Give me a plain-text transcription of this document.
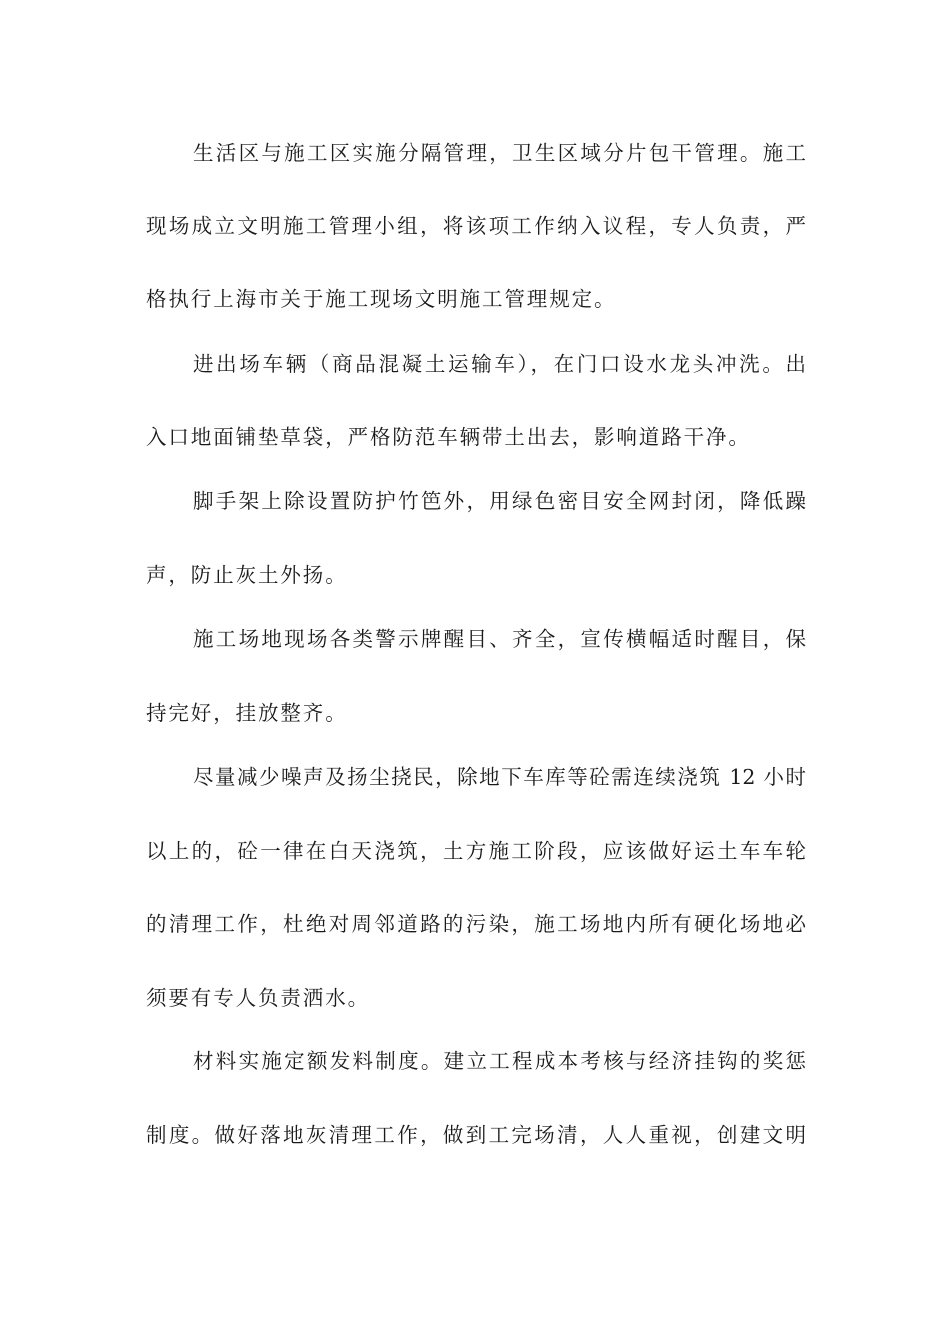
生活区与施工区实施分隔管理，卫生区域分片包干管理。施工

现场成立文明施工管理小组，将该项工作纳入议程，专人负责，严

格执行上海市关于施工现场文明施工管理规定。

进出场车辆（商品混凝土运输车），在门口设水龙头冲洗。出

入口地面铺垫草袋，严格防范车辆带土出去，影响道路干净。

脚手架上除设置防护竹笆外，用绿色密目安全网封闭，降低躁

声，防止灰土外扬。

施工场地现场各类警示牌醒目、齐全，宣传横幅适时醒目，保

持完好，挂放整齐。

尽量减少噪声及扬尘挠民，除地下车库等砼需连续浇筑 12 小时

以上的，砼一律在白天浇筑，土方施工阶段，应该做好运土车车轮

的清理工作，杜绝对周邻道路的污染，施工场地内所有硬化场地必

须要有专人负责洒水。

材料实施定额发料制度。建立工程成本考核与经济挂钩的奖惩

制度。做好落地灰清理工作，做到工完场清，人人重视，创建文明
